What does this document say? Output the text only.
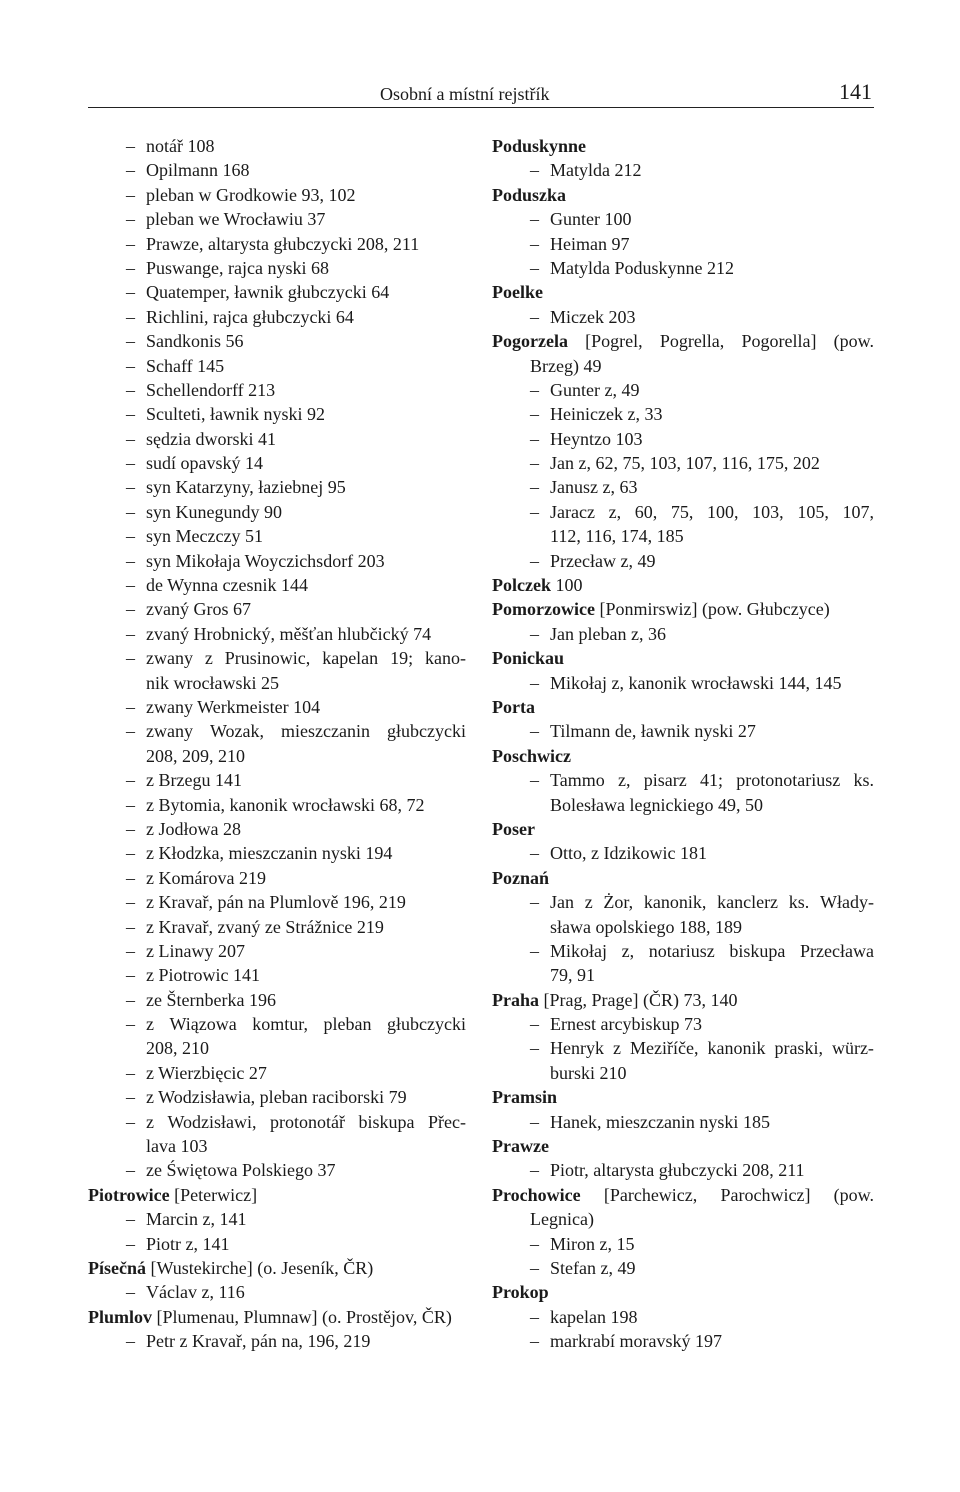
Osobní a místní rejstřík	141
– notář 108
– Opilmann 168
– pleban w Grodkowie 93, 102
– pleban we Wrocławiu 37
– Prawze, altarysta głubczycki 208, 211
– Puswange, rajca nyski 68
– Quatemper, ławnik głubczycki 64
– Richlini, rajca głubczycki 64
– Sandkonis 56
– Schaff 145
– Schellendorff 213
– Sculteti, ławnik nyski 92
– sędzia dworski 41
– sudí opavský 14
– syn Katarzyny, łaziebnej 95
– syn Kunegundy 90
– syn Meczczy 51
– syn Mikołaja Woyczichsdorf 203
– de Wynna czesnik 144
– zvaný Gros 67
– zvaný Hrobnický, měšťan hlubčický 74
– zwany z Prusinowic, kapelan 19; kano-
nik wrocławski 25
– zwany Werkmeister 104
– zwany Wozak, mieszczanin głubczycki
208, 209, 210
– z Brzegu 141
– z Bytomia, kanonik wrocławski 68, 72
– z Jodłowa 28
– z Kłodzka, mieszczanin nyski 194
– z Komárova 219
– z Kravař, pán na Plumlově 196, 219
– z Kravař, zvaný ze Strážnice 219
– z Linawy 207
– z Piotrowic 141
– ze Šternberka 196
– z Wiązowa komtur, pleban głubczycki
208, 210
– z Wierzbięcic 27
– z Wodzisławia, pleban raciborski 79
– z Wodzisławi, protonotář biskupa Přec-
lava 103
– ze Świętowa Polskiego 37
Piotrowice [Peterwicz]
– Marcin z, 141
– Piotr z, 141
Písečná [Wustekirche] (o. Jeseník, ČR)
– Václav z, 116
Plumlov [Plumenau, Plumnaw] (o. Prostějov, ČR)
– Petr z Kravař, pán na, 196, 219
Poduskynne
– Matylda 212
Poduszka
– Gunter 100
– Heiman 97
– Matylda Poduskynne 212
Poelke
– Miczek 203
Pogorzela [Pogrel, Pogrella, Pogorella] (pow.
Brzeg) 49
– Gunter z, 49
– Heiniczek z, 33
– Heyntzo 103
– Jan z, 62, 75, 103, 107, 116, 175, 202
– Janusz z, 63
– Jaracz z, 60, 75, 100, 103, 105, 107,
112, 116, 174, 185
– Przecław z, 49
Polczek 100
Pomorzowice [Ponmirswiz] (pow. Głubczyce)
– Jan pleban z, 36
Ponickau
– Mikołaj z, kanonik wrocławski 144, 145
Porta
– Tilmann de, ławnik nyski 27
Poschwicz
– Tammo z, pisarz 41; protonotariusz ks.
Bolesława legnickiego 49, 50
Poser
– Otto, z Idzikowic 181
Poznań
– Jan z Żor, kanonik, kanclerz ks. Włady-
sława opolskiego 188, 189
– Mikołaj z, notariusz biskupa Przecława
79, 91
Praha [Prag, Prage] (ČR) 73, 140
– Ernest arcybiskup 73
– Henryk z Meziříče, kanonik praski, würz-
burski 210
Pramsin
– Hanek, mieszczanin nyski 185
Prawze
– Piotr, altarysta głubczycki 208, 211
Prochowice [Parchewicz, Parochwicz] (pow.
Legnica)
– Miron z, 15
– Stefan z, 49
Prokop
– kapelan 198
– markrabí moravský 197
